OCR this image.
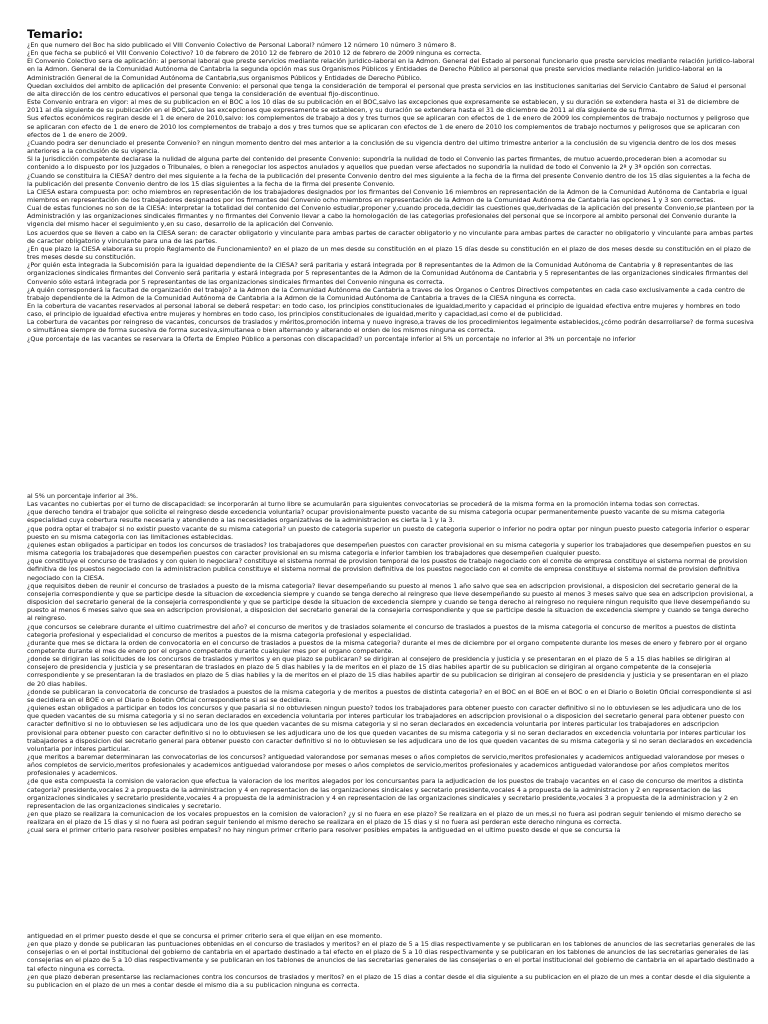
Temario:

¿En que numero del Boc ha sido publicado el VIII Convenio Colectivo de Personal Laboral? número 12 número 10 número 3 número 8.

¿En que fecha se publicó el VIII Convenio Colectivo? 10 de febrero de 2010 12 de febrero de 2010 12 de febrero de 2009 ninguna es correcta.

El Convenio Colectivo sera de aplicación: al personal laboral que preste servicios mediante relación juridico-laboral en la Admon. General del Estado al personal funcionario que preste servicios mediante relación juridico-laboral en la Admon. General de la Comunidad Autónoma de Cantabria la segunda opción mas sus Organismos Públicos y Entidades de Derecho Público al personal que preste servicios mediante relación juridico-laboral en la Administración General de la Comunidad Autónoma de Cantabria,sus organismos Públicos y Entidades de Derecho Público.

Quedan excluidos del ambito de aplicación del presente Convenio: el personal que tenga la consideración de temporal el personal que presta servicios en las instituciones sanitarias del Servicio Cantabro de Salud el personal de alta dirección de los centro educativos el personal que tenga la consideración de eventual fijo-discontinuo.

Este Convenio entrara en vigor: al mes de su publicacion en el BOC a los 10 días de su publicación en el BOC,salvo las excepciones que expresamente se establecen, y su duración se extendera hasta el 31 de diciembre de 2011 al día siguiente de su publicación en el BOC,salvo las excepciones que expresamente se establecen, y su duración se extendera hasta el 31 de diciembre de 2011 al día siguiente de su firma.

Sus efectos económicos regiran desde el 1 de enero de 2010,salvo: los complementos de trabajo a dos y tres turnos que se aplicaran con efectos de 1 de enero de 2009 los complementos de trabajo nocturnos y peligroso que se aplicaran con efecto de 1 de enero de 2010 los complementos de trabajo a dos y tres turnos que se aplicaran con efectos de 1 de enero de 2010 los complementos de trabajo nocturnos y peligrosos que se aplicaran con efectos de 1 de enero de 2009.

¿Cuando podra ser denunciado el presente Convenio? en ningun momento dentro del mes anterior a la conclusión de su vigencia dentro del ultimo trimestre anterior a la conclusión de su vigencia dentro de los dos meses anteriores a la conclusión de su vigencia.

Si la Jurisdicción competente declarase la nulidad de alguna parte del contenido del presente Convenio: supondría la nulidad de todo el Convenio las partes firmantes, de mutuo acuerdo,procederan bien a acomodar su contenido a lo dispuesto por los Juzgados o Tribunales, o bien a renegociar los aspectos anulados y aquellos que puedan verse afectados no supondría la nulidad de todo el Convenio la 2ª y 3ª opción son correctas.

¿Cuando se constituira la CIESA? dentro del mes siguiente a la fecha de la publicación del presente Convenio dentro del mes siguiente a la fecha de la firma del presente Convenio dentro de los 15 días siguientes a la fecha de la publicación del presente Convenio dentro de los 15 días siguientes a la fecha de la firma del presente Convenio.

La CIESA estara compuesta por: ocho miembros en representación de los trabajadores designados por los firmantes del Convenio 16 miembros en representación de la Admon de la Comunidad Autónoma de Cantabria e igual miembros en representación de los trabajadores designados por los firmantes del Convenio ocho miembros en representación de la Admon de la Comunidad Autónoma de Cantabria las opciones 1 y 3 son correctas.

Cual de estas funciones no son de la CIESA: interpretar la totalidad del contenido del Convenio estudiar,proponer y,cuando proceda,decidir las cuestiones que,derivadas de la aplicación del presente Convenio,se planteen por la Administración y las organizaciones sindicales firmantes y no firmantes del Convenio llevar a cabo la homologación de las categorias profesionales del personal que se incorpore al ambito personal del Convenio durante la vigencia del mismo hacer el seguimiento y,en su caso, desarrollo de la aplicación del Convenio.

Los acuerdos que se lleven a cabo en la CIESA seran: de caracter obligatorio y vinculante para ambas partes de caracter obligatorio y no vinculante para ambas partes de caracter no obligatorio y vinculante para ambas partes de caracter obligatorio y vinculante para una de las partes.

¿En que plazo la CIESA elaborara su propio Reglamento de Funcionamiento? en el plazo de un mes desde su constitución en el plazo 15 días desde su constitución en el plazo de dos meses desde su constitución en el plazo de tres meses desde su constitución.

¿Por quién esta integrada la Subcomisión para la igualdad dependiente de la CIESA? será paritaria y estará integrada por 8 representantes de la Admon de la Comunidad Autónoma de Cantabria y 8 representantes de las organizaciones sindicales firmantes del Convenio será paritaria y estará integrada por 5 representantes de la Admon de la Comunidad Autónoma de Cantabria y 5 representantes de las organizaciones sindicales firmantes del Convenio sólo estará integrada por 5 representantes de las organizaciones sindicales firmantes del Convenio ninguna es correcta.

¿A quién corresponderá la facultad de organización del trabajo? a la Admon de la Comunidad Autónoma de Cantabria a traves de los Organos o Centros Directivos competentes en cada caso exclusivamente a cada centro de trabajo dependiente de la Admon de la Comunidad Autónoma de Cantabria a la Admon de la Comunidad Autónoma de Cantabria a traves de la CIESA ninguna es correcta.

En la cobertura de vacantes reservados al personal laboral se deberá respetar: en todo caso, los principios constitucionales de igualdad,merito y capacidad el principio de igualdad efectiva entre mujeres y hombres en todo caso, el principio de igualdad efectiva entre mujeres y hombres en todo caso, los principios constitucionales de igualdad,merito y capacidad,asi como el de publicidad.

La cobertura de vacantes por reingreso de vacantes, concursos de traslados y méritos,promoción interna y nuevo ingreso,a traves de los procedimientos legalmente establecidos,¿cómo podrán desarrollarse? de forma sucesiva o simultánea siempre de forma sucesiva de forma sucesiva,simultanea o bien alternando y alterando el orden de los mismos ninguna es correcta.

¿Que porcentaje de las vacantes se reservara la Oferta de Empleo Público a personas con discapacidad? un porcentaje inferior al 5% un porcentaje no inferior al 3% un porcentaje no inferior

al 5% un porcentaje inferior al 3%.

Las vacantes no cubiertas por el turno de discapacidad: se incorporarán al turno libre se acumularán para siguientes convocatorias se procederá de la misma forma en la promoción interna todas son correctas.

¿que derecho tendra el trabajor que solicite el reingreso desde excedencia voluntaria? ocupar provisionalmente puesto vacante de su misma categoria ocupar permanentemente puesto vacante de su misma categoria especialidad cuya cobertura resulte necesaria y atendiendo a las necesidades organizativas de la administracion es cierta la 1 y la 3.

¿que podra optar el trabajor si no existir puesto vacante de su misma categoria? un puesto de categoria superior un puesto de categoria superior o inferior no podra optar por ningun puesto puesto categoria inferior o esperar puesto en su misma categoria con las limitaciones establecidas.

¿quienes estan obligados a participar en todos los concursos de traslados? los trabajadores que desempeñen puestos con caracter provisional en su misma categoria y superior los trabajadores que desempeñen puestos en su misma categoria los trabajadores que desempeñen puestos con caracter provisional en su misma categoria e inferior tambien los trabajadores que desempeñen cualquier puesto.

¿que constituye el concurso de traslados y con quien lo negociara? constituye el sistema normal de provision temporal de los puestos de trabajo negociado con el comite de empresa constituye el sistema normal de provision definitiva de los puestos negociado con la administracion publica constituye el sistema normal de provision definitiva de los puestos negociado con el comite de empresa constituye el sistema normal de provision definitiva negociado con la CIESA.

¿que requisitos deben de reunir el concurso de traslados a puesto de la misma categoria? llevar desempeñando su puesto al menos 1 año salvo que sea en adscripcion provisional, a disposicion del secretario general de la consejeria correspondiente y que se participe desde la situacion de excedencia siempre y cuando se tenga derecho al reingreso que lleve desempeñando su puesto al menos 3 meses salvo que sea en adscripcion provisional, a disposicion del secretario general de la consejeria correspondiente y que se participe desde la situacion de excedencia siempre y cuando se tenga derecho al reingreso no requiere ningun requisito que lleve desempeñando su puesto al menos 6 meses salvo que sea en adscripcion provisional, a disposicion del secretario general de la consejeria correspondiente y que se participe desde la situacion de excedencia siempre y cuando se tenga derecho al reingreso.

¿que concursos se celebrare durante el ultimo cuatrimestre del año? el concurso de meritos y de traslados solamente el concurso de traslados a puestos de la misma categoria el concurso de meritos a puestos de distinta categoria profesional y especialidad el concurso de meritos a puestos de la misma categoria profesional y especialidad.

¿durante que mes se dictara la orden de convocatoria en el concurso de traslados a puestos de la misma categoria? durante el mes de diciembre por el organo competente durante los meses de enero y febrero por el organo competente durante el mes de enero por el organo competente durante cualquier mes por el organo competente.

¿donde se dirigiran las solicitudes de los concursos de traslados y meritos y en que plazo se publicaran? se dirigiran al consejero de presidencia y justicia y se presentaran en el plazo de 5 a 15 dias habiles se dirigiran al consejero de presidencia y justicia y se presentaran de traslados en plazo de 5 dias habiles y la de meritos en el plazo de 15 dias habiles apartir de su publicacion se dirigiran al organo competente de la consejeria correspondiente y se presentaran la de traslados en plazo de 5 dias habiles y la de meritos en el plazo de 15 dias habiles apartir de su publicacion se dirigiran al consejero de presidencia y justicia y se presentaran en el plazo de 20 dias habiles.

¿donde se publicaran la convocatoria de concurso de traslados a puestos de la misma categoria y de meritos a puestos de distinta categoria? en el BOC en el BOE en el BOC o en el Diario o Boletin Oficial correspondiente si asi se decidiera en el BOE o en el Diario o Boletin Oficial correspondiente si asi se decidiera.

¿quienes estan obligados a participar en todos los concursos y que pasaria si no obtuviesen ningun puesto? todos los trabajadores para obtener puesto con caracter definitivo si no lo obtuviesen se les adjudicara uno de los que queden vacantes de su misma categoria y si no seran declarados en excedencia voluntaria por interes particular los trabajadores en adscripcion provisional o a disposicion del secretario general para obtener puesto con caracter definitivo si no lo obtuviesen se les adjudicara uno de los que queden vacantes de su misma categoria y si no seran declarados en excedencia voluntaria por interes particular los trabajadores en adscripcion provisional para obtener puesto con caracter definitivo si no lo obtuviesen se les adjudicara uno de los que queden vacantes de su misma categoria y si no seran declarados en excedencia voluntaria por interes particular los trabajadores a disposicion del secretario general para obtener puesto con caracter definitivo si no lo obtuviesen se les adjudicara uno de los que queden vacantes de su misma categoria y si no seran declarados en excedencia voluntaria por interes particular.

¿que meritos a baremar determinaran las convocatorias de los concursos? antiguedad valorandose por semanas meses o años completos de servicio,meritos profesionales y academicos antiguedad valorandose por meses o años completos de servicio,meritos profesionales y academicos antiguedad valorandose por meses o años completos de servicio,meritos profesionales y academicos antiguedad valorandose por años completos meritos profesionales y academicos.

¿de que esta compuesta la comision de valoracion que efectua la valoracion de los meritos alegados por los concursantes para la adjudicacion de los puestos de trabajo vacantes en el caso de concurso de meritos a distinta categoria? presidente,vocales 2 a propuesta de la administracion y 4 en representacion de las organizaciones sindicales y secretario presidente,vocales 4 a propuesta de la administracion y 2 en representacion de las organizaciones sindicales y secretario presidente,vocales 4 a propuesta de la administracion y 4 en representacion de las organizaciones sindicales y secretario presidente,vocales 3 a propuesta de la administracion y 2 en representacion de las organizaciones sindicales y secretario.

¿en que plazo se realizara la comunicacion de los vocales propuestos en la comision de valoracion? ¿y si no fuera en ese plazo? Se realizara en el plazo de un mes,si no fuera asi podran seguir teniendo el mismo derecho se realizara en el plazo de 15 dias y si no fuera asi podran seguir teniendo el mismo derecho se realizara en el plazo de 15 dias y si no fuera asi perderan este derecho ninguna es correcta.

¿cual sera el primer criterio para resolver posibles empates? no hay ningun primer criterio para resolver posibles empates la antiguedad en el ultimo puesto desde el que se concursa la

antiguedad en el primer puesto desde el que se concursa el primer criterio sera el que elijan en ese momento.

¿en que plazo y donde se publicaran las puntuaciones obtenidas en el concurso de traslados y meritos? en el plazo de 5 a 15 dias respectivamente y se publicaran en los tablones de anuncios de las secretarias generales de las consejerias o en el portal institucional del gobierno de cantabria en el apartado destinado a tal efecto en el plazo de 5 a 10 dias respectivamente y se publicaran en los tablones de anuncios de las secretarias generales de las consejerias en el plazo de 5 a 10 dias respectivamente y se publicaran en los tablones de anuncios de las secretarias generales de las consejerias o en el portal institucional del gobierno de cantabria en el apartado destinado a tal efecto ninguna es correcta.

¿en que plazo deberan presentarse las reclamaciones contra los concursos de traslados y meritos? en el plazo de 15 dias a contar desde el dia siguiente a su publicacion en el plazo de un mes a contar desde el dia siguiente a su publicacion en el plazo de un mes a contar desde el mismo dia a su publicacion ninguna es correcta.
